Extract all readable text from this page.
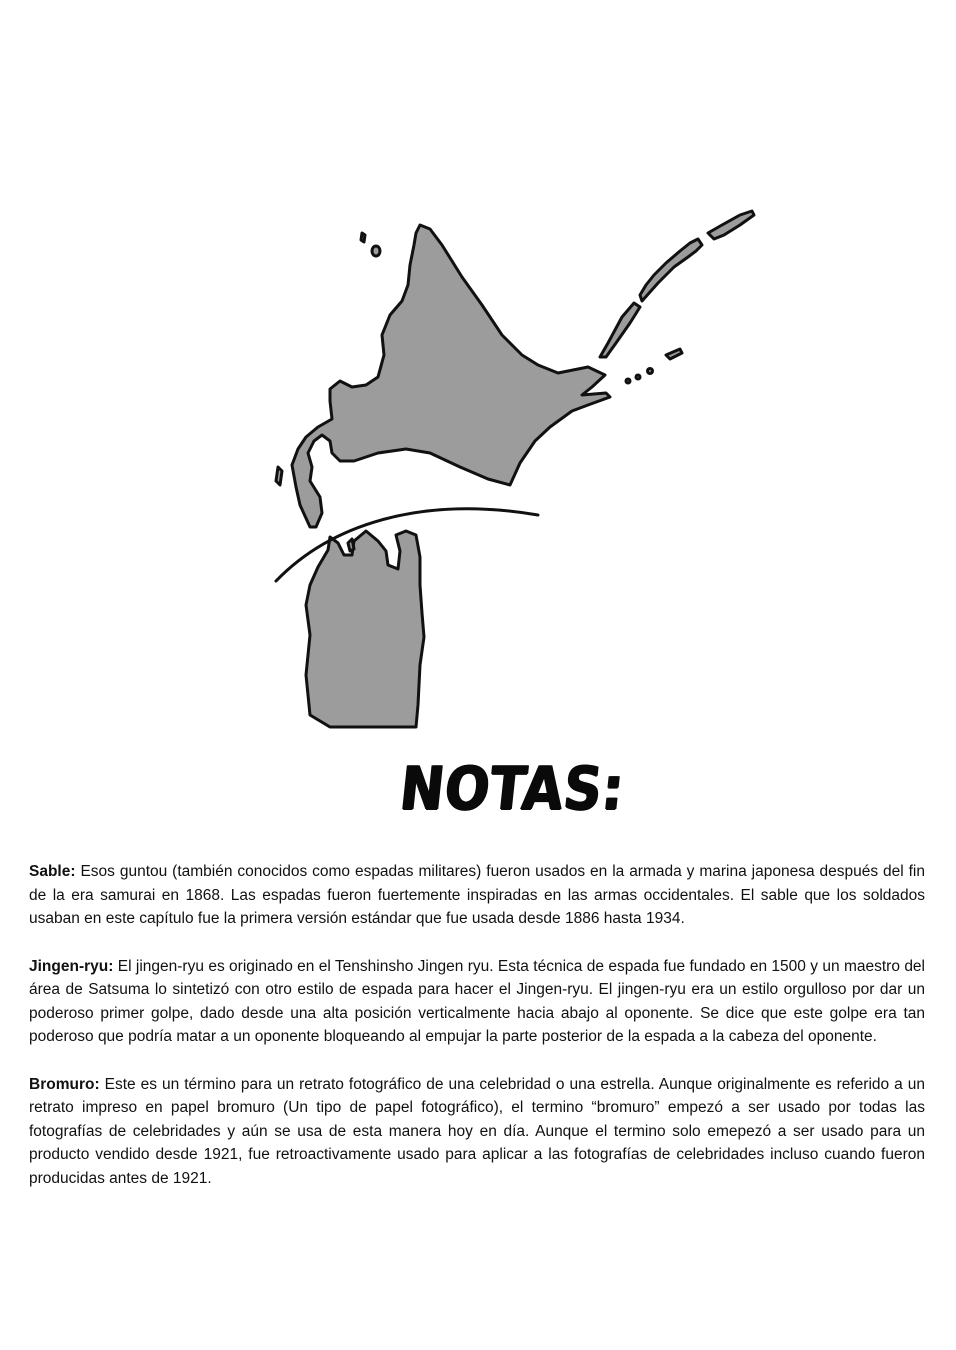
NOTAS:

Sable: Esos guntou (también conocidos como espadas militares) fueron usados en la armada y marina japonesa después del fin de la era samurai en 1868. Las espadas fueron fuertemente inspiradas en las armas occidentales. El sable que los soldados usaban en este capítulo fue la primera versión estándar que fue usada desde 1886 hasta 1934.

Jingen-ryu: El jingen-ryu es originado en el Tenshinsho Jingen ryu. Esta técnica de espada fue fundado en 1500 y un maestro del área de Satsuma lo sintetizó con otro estilo de espada para hacer el Jingen-ryu. El jingen-ryu era un estilo orgulloso por dar un poderoso primer golpe, dado desde una alta posición verticalmente hacia abajo al oponente. Se dice que este golpe era tan poderoso que podría matar a un oponente bloqueando al empujar la parte posterior de la espada a la cabeza del oponente.

Bromuro: Este es un término para un retrato fotográfico de una celebridad o una estrella. Aunque originalmente es referido a un retrato impreso en papel bromuro (Un tipo de papel fotográfico), el termino “bromuro” empezó a ser usado por todas las fotografías de celebridades y aún se usa de esta manera hoy en día. Aunque el termino solo emepezó a ser usado para un producto vendido desde 1921, fue retroactivamente usado para aplicar a las fotografías de celebridades incluso cuando fueron producidas antes de 1921.
